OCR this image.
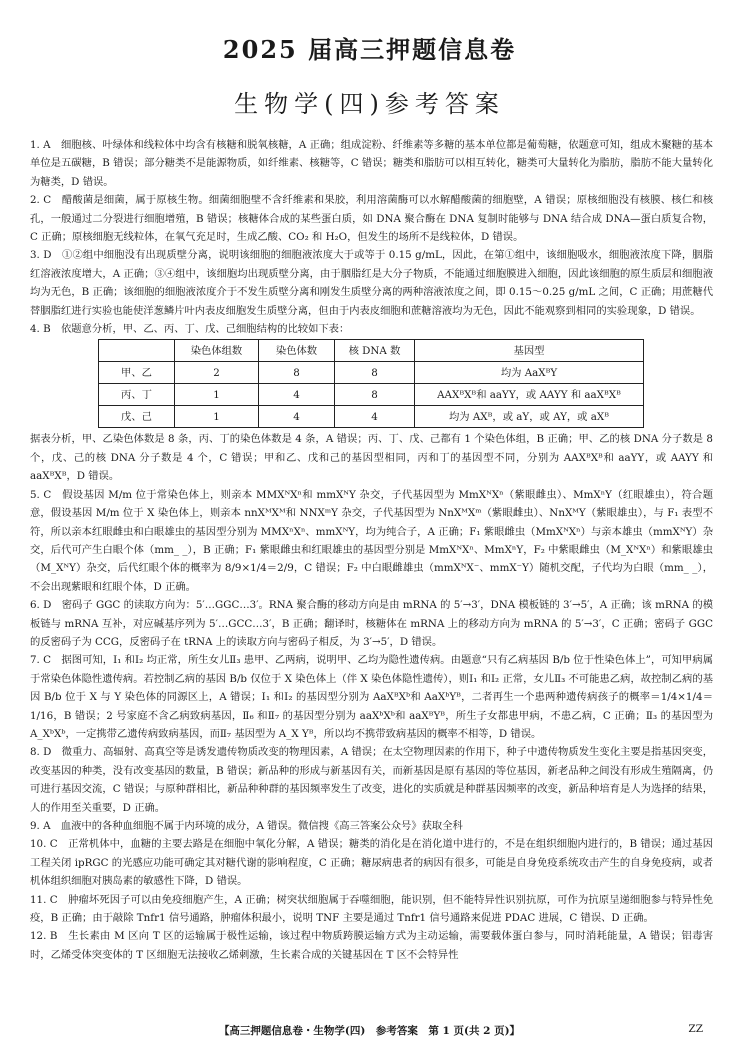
2025 届高三押题信息卷
生物学(四)参考答案

1. A　细胞核、叶绿体和线粒体中均含有核糖和脱氧核糖，A 正确；组成淀粉、纤维素等多糖的基本单位都是葡萄糖，依题意可知，组成木聚糖的基本单位是五碳糖，B 错误；部分糖类不是能源物质，如纤维素、核糖等，C 错误；糖类和脂肪可以相互转化，糖类可大量转化为脂肪，脂肪不能大量转化为糖类，D 错误。

2. C　醋酸菌是细菌，属于原核生物。细菌细胞壁不含纤维素和果胶，利用溶菌酶可以水解醋酸菌的细胞壁，A 错误；原核细胞没有核膜、核仁和核孔，一般通过二分裂进行细胞增殖，B 错误；核糖体合成的某些蛋白质，如 DNA 聚合酶在 DNA 复制时能够与 DNA 结合成 DNA—蛋白质复合物，C 正确；原核细胞无线粒体，在氧气充足时，生成乙酸、CO₂ 和 H₂O，但发生的场所不是线粒体，D 错误。

3. D　①②组中细胞没有出现质壁分离，说明该细胞的细胞液浓度大于或等于 0.15 g/mL，因此，在第①组中，该细胞吸水，细胞液浓度下降，胭脂红溶液浓度增大，A 正确；③④组中，该细胞均出现质壁分离，由于胭脂红是大分子物质，不能通过细胞膜进入细胞，因此该细胞的原生质层和细胞液均为无色，B 正确；该细胞的细胞液浓度介于不发生质壁分离和刚发生质壁分离的两种溶液浓度之间，即 0.15～0.25 g/mL 之间，C 正确；用蔗糖代替胭脂红进行实验也能使洋葱鳞片叶内表皮细胞发生质壁分离，但由于内表皮细胞和蔗糖溶液均为无色，因此不能观察到相同的实验现象，D 错误。

4. B　依题意分析，甲、乙、丙、丁、戊、己细胞结构的比较如下表：

	染色体组数	染色体数	核 DNA 数	基因型
甲、乙	2	8	8	均为 AaXᴮY
丙、丁	1	4	8	AAXᴮXᴮ和 aaYY，或 AAYY 和 aaXᴮXᴮ
戊、己	1	4	4	均为 AXᴮ，或 aY，或 AY，或 aXᴮ

据表分析，甲、乙染色体数是 8 条，丙、丁的染色体数是 4 条，A 错误；丙、丁、戊、己都有 1 个染色体组，B 正确；甲、乙的核 DNA 分子数是 8 个，戊、己的核 DNA 分子数是 4 个，C 错误；甲和乙、戊和己的基因型相同，丙和丁的基因型不同，分别为 AAXᴮXᴮ和 aaYY，或 AAYY 和 aaXᴮXᴮ，D 错误。

5. C　假设基因 M/m 位于常染色体上，则亲本 MMXᴺXⁿ和 mmXᴺY 杂交，子代基因型为 MmXᴺXⁿ（紫眼雌虫）、MmXⁿY（红眼雄虫），符合题意，假设基因 M/m 位于 X 染色体上，则亲本 nnXᴹXᴹ和 NNXᵐY 杂交，子代基因型为 NnXᴹXᵐ（紫眼雌虫）、NnXᴹY（紫眼雄虫），与 F₁ 表型不符，所以亲本红眼雌虫和白眼雄虫的基因型分别为 MMXⁿXⁿ、mmXᴺY，均为纯合子，A 正确；F₁ 紫眼雌虫（MmXᴺXⁿ）与亲本雄虫（mmXᴺY）杂交，后代可产生白眼个体（mm_ _），B 正确；F₁ 紫眼雌虫和红眼雄虫的基因型分别是 MmXᴺXⁿ、MmXⁿY，F₂ 中紫眼雌虫（M_XᴺXⁿ）和紫眼雄虫（M_XᴺY）杂交，后代红眼个体的概率为 8/9×1/4＝2/9，C 错误；F₂ 中白眼雌雄虫（mmXᴺX⁻、mmX⁻Y）随机交配，子代均为白眼（mm_ _），不会出现紫眼和红眼个体，D 正确。

6. D　密码子 GGC 的读取方向为：5′…GGC…3′。RNA 聚合酶的移动方向是由 mRNA 的 5′→3′，DNA 模板链的 3′→5′，A 正确；该 mRNA 的模板链与 mRNA 互补，对应碱基序列为 5′…GCC…3′，B 正确；翻译时，核糖体在 mRNA 上的移动方向为 mRNA 的 5′→3′，C 正确；密码子 GGC 的反密码子为 CCG，反密码子在 tRNA 上的读取方向与密码子相反，为 3′→5′，D 错误。

7. C　据图可知，Ⅰ₁ 和Ⅰ₂ 均正常，所生女儿Ⅱ₃ 患甲、乙两病，说明甲、乙均为隐性遗传病。由题意“只有乙病基因 B/b 位于性染色体上”，可知甲病属于常染色体隐性遗传病。若控制乙病的基因 B/b 仅位于 X 染色体上（伴 X 染色体隐性遗传），则Ⅰ₁ 和Ⅰ₂ 正常，女儿Ⅱ₃ 不可能患乙病，故控制乙病的基因 B/b 位于 X 与 Y 染色体的同源区上，A 错误；Ⅰ₁ 和Ⅰ₂ 的基因型分别为 AaXᴮXᵇ和 AaXᵇYᴮ，二者再生一个患两种遗传病孩子的概率＝1/4×1/4＝1/16，B 错误；2 号家庭不含乙病致病基因，Ⅱ₆ 和Ⅱ₇ 的基因型分别为 aaXᵇXᵇ和 aaXᴮYᴮ，所生子女都患甲病，不患乙病，C 正确；Ⅱ₃ 的基因型为 A_XᵇXᵇ，一定携带乙遗传病致病基因，而Ⅱ₇ 基因型为 A_X Yᴮ，所以均不携带致病基因的概率不相等，D 错误。

8. D　微重力、高辐射、高真空等是诱发遗传物质改变的物理因素，A 错误；在太空物理因素的作用下，种子中遗传物质发生变化主要是指基因突变，改变基因的种类，没有改变基因的数量，B 错误；新品种的形成与新基因有关，而新基因是原有基因的等位基因，新老品种之间没有形成生殖隔离，仍可进行基因交流，C 错误；与原种群相比，新品种种群的基因频率发生了改变，进化的实质就是种群基因频率的改变，新品种培育是人为选择的结果，人的作用至关重要，D 正确。

9. A　血液中的各种血细胞不属于内环境的成分，A 错误。微信搜《高三答案公众号》获取全科

10. C　正常机体中，血糖的主要去路是在细胞中氧化分解，A 错误；糖类的消化是在消化道中进行的，不是在组织细胞内进行的，B 错误；通过基因工程关闭 ipRGC 的光感应功能可确定其对糖代谢的影响程度，C 正确；糖尿病患者的病因有很多，可能是自身免疫系统攻击产生的自身免疫病，或者机体组织细胞对胰岛素的敏感性下降，D 错误。

11. C　肿瘤坏死因子可以由免疫细胞产生，A 正确；树突状细胞属于吞噬细胞，能识别，但不能特异性识别抗原，可作为抗原呈递细胞参与特异性免疫，B 正确；由于敲除 Tnfr1 信号通路，肿瘤体积最小，说明 TNF 主要是通过 Tnfr1 信号通路来促进 PDAC 进展，C 错误、D 正确。

12. B　生长素由 M 区向 T 区的运输属于极性运输，该过程中物质跨膜运输方式为主动运输，需要载体蛋白参与，同时消耗能量，A 错误；铝毒害时，乙烯受体突变体的 T 区细胞无法接收乙烯刺激，生长素合成的关键基因在 T 区不会特异性

【高三押题信息卷・生物学(四)　参考答案　第 1 页(共 2 页)】	ZZ
